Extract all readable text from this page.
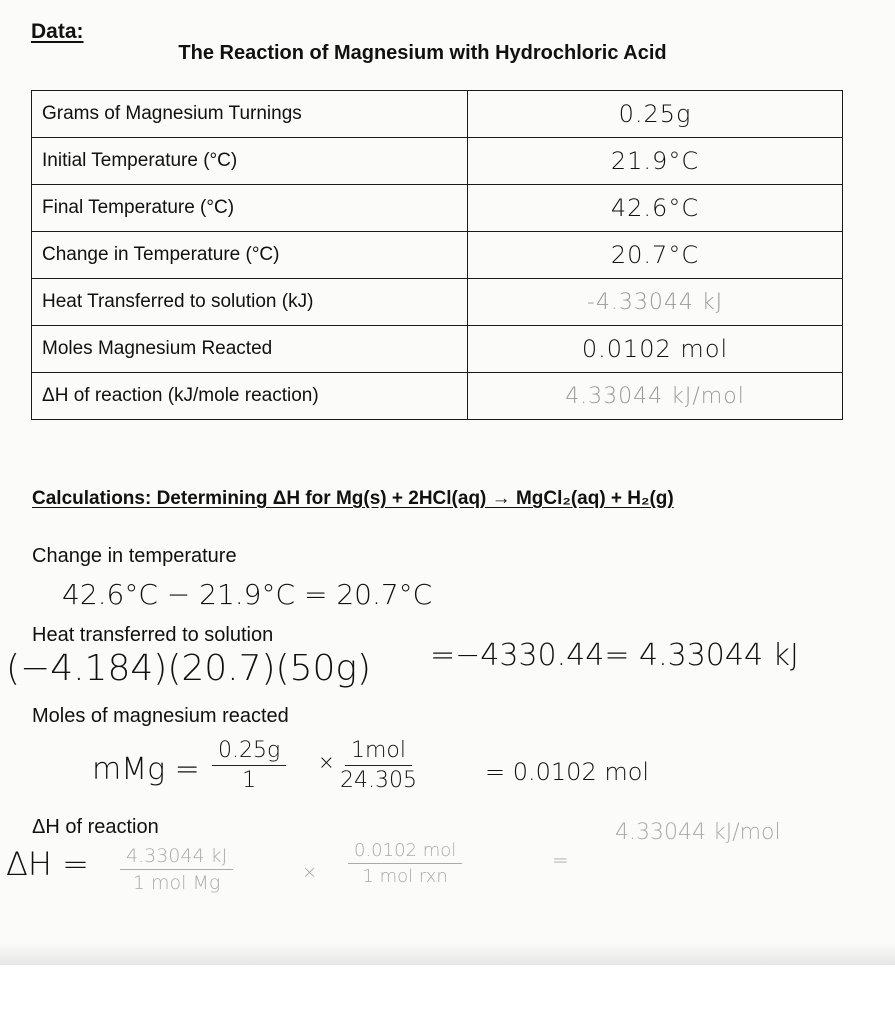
Data:
The Reaction of Magnesium with Hydrochloric Acid
Grams of Magnesium Turnings	0.25g
Initial Temperature (°C)	21.9°C
Final Temperature (°C)	42.6°C
Change in Temperature (°C)	20.7°C
Heat Transferred to solution (kJ)	-4.33044 kJ
Moles Magnesium Reacted	0.0102 mol
ΔH of reaction (kJ/mole reaction)	4.33044 kJ/mol
Calculations: Determining ΔH for Mg(s) + 2HCl(aq) → MgCl₂(aq) + H₂(g)
Change in temperature
42.6°C − 21.9°C = 20.7°C
Heat transferred to solution
(−4.184)(20.7)(50g) =−4330.44= 4.33044 kJ
Moles of magnesium reacted
mMg = $\frac{0.25g}{1} \times 1mol$
24.305	= 0.0102 mol
ΔH of reaction
ΔH =	4.33044 kJ
1 mol Mg	×
0.0102 mol
1 mol rxn
=
4.33044 kJ/mol
